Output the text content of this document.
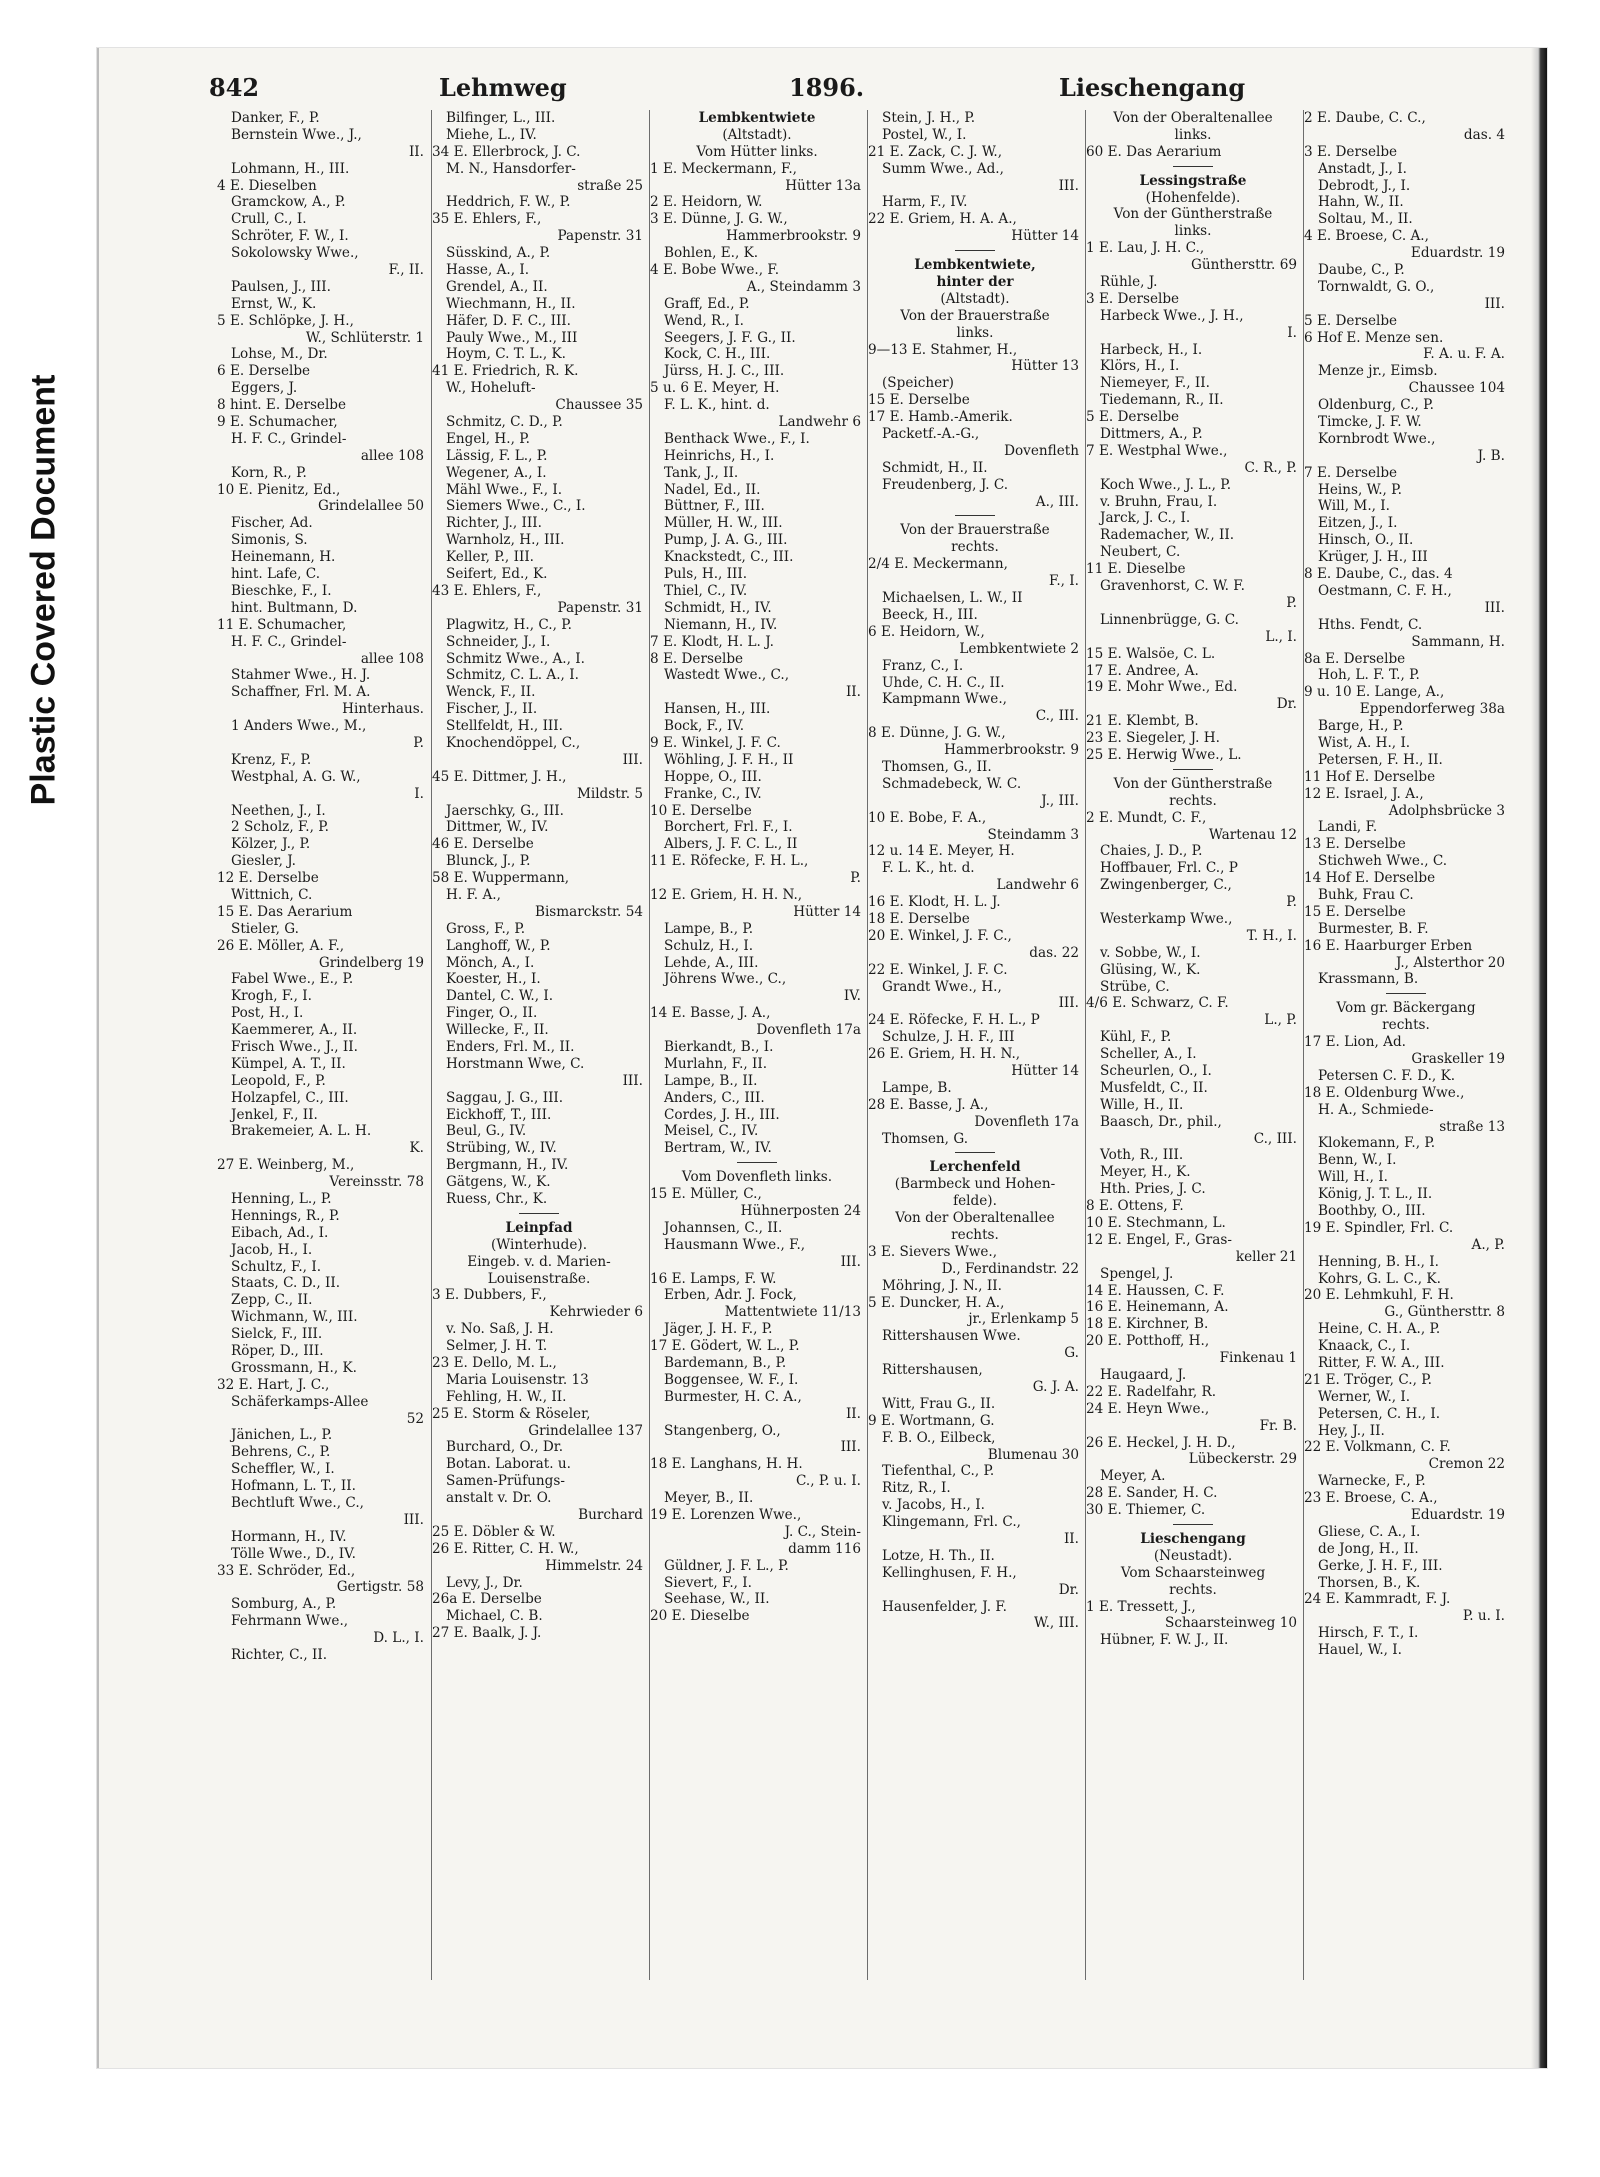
Plastic Covered Document
842	Lehmweg	1896.	Lieschengang
Danker, F., P.
Bernstein Wwe., J.,
II.
Lohmann, H., III.
4 E. Dieselben
Gramckow, A., P.
Crull, C., I.
Schröter, F. W., I.
Sokolowsky Wwe.,
F., II.
Paulsen, J., III.
Ernst, W., K.
5 E. Schlöpke, J. H.,
W., Schlüterstr. 1
Lohse, M., Dr.
6 E. Derselbe
Eggers, J.
8 hint. E. Derselbe
9 E. Schumacher,
H. F. C., Grindel-
allee 108
Korn, R., P.
10 E. Pienitz, Ed.,
Grindelallee 50
Fischer, Ad.
Simonis, S.
Heinemann, H.
hint. Lafe, C.
Bieschke, F., I.
hint. Bultmann, D.
11 E. Schumacher,
H. F. C., Grindel-
allee 108
Stahmer Wwe., H. J.
Schaffner, Frl. M. A.
Hinterhaus.
1 Anders Wwe., M.,
P.
Krenz, F., P.
Westphal, A. G. W.,
I.
Neethen, J., I.
2 Scholz, F., P.
Kölzer, J., P.
Giesler, J.
12 E. Derselbe
Wittnich, C.
15 E. Das Aerarium
Stieler, G.
26 E. Möller, A. F.,
Grindelberg 19
Fabel Wwe., E., P.
Krogh, F., I.
Post, H., I.
Kaemmerer, A., II.
Frisch Wwe., J., II.
Kümpel, A. T., II.
Leopold, F., P.
Holzapfel, C., III.
Jenkel, F., II.
Brakemeier, A. L. H.
K.
27 E. Weinberg, M.,
Vereinsstr. 78
Henning, L., P.
Hennings, R., P.
Eibach, Ad., I.
Jacob, H., I.
Schultz, F., I.
Staats, C. D., II.
Zepp, C., II.
Wichmann, W., III.
Sielck, F., III.
Röper, D., III.
Grossmann, H., K.
32 E. Hart, J. C.,
Schäferkamps-Allee
52
Jänichen, L., P.
Behrens, C., P.
Scheffler, W., I.
Hofmann, L. T., II.
Bechtluft Wwe., C.,
III.
Hormann, H., IV.
Tölle Wwe., D., IV.
33 E. Schröder, Ed.,
Gertigstr. 58
Somburg, A., P.
Fehrmann Wwe.,
D. L., I.
Richter, C., II.
Bilfinger, L., III.
Miehe, L., IV.
34 E. Ellerbrock, J. C.
M. N., Hansdorfer-
straße 25
Heddrich, F. W., P.
35 E. Ehlers, F.,
Papenstr. 31
Süsskind, A., P.
Hasse, A., I.
Grendel, A., II.
Wiechmann, H., II.
Häfer, D. F. C., III.
Pauly Wwe., M., III
Hoym, C. T. L., K.
41 E. Friedrich, R. K.
W., Hoheluft-
Chaussee 35
Schmitz, C. D., P.
Engel, H., P.
Lässig, F. L., P.
Wegener, A., I.
Mähl Wwe., F., I.
Siemers Wwe., C., I.
Richter, J., III.
Warnholz, H., III.
Keller, P., III.
Seifert, Ed., K.
43 E. Ehlers, F.,
Papenstr. 31
Plagwitz, H., C., P.
Schneider, J., I.
Schmitz Wwe., A., I.
Schmitz, C. L. A., I.
Wenck, F., II.
Fischer, J., II.
Stellfeldt, H., III.
Knochendöppel, C.,
III.
45 E. Dittmer, J. H.,
Mildstr. 5
Jaerschky, G., III.
Dittmer, W., IV.
46 E. Derselbe
Blunck, J., P.
58 E. Wuppermann,
H. F. A.,
Bismarckstr. 54
Gross, F., P.
Langhoff, W., P.
Mönch, A., I.
Koester, H., I.
Dantel, C. W., I.
Finger, O., II.
Willecke, F., II.
Enders, Frl. M., II.
Horstmann Wwe, C.
III.
Saggau, J. G., III.
Eickhoff, T., III.
Beul, G., IV.
Strübing, W., IV.
Bergmann, H., IV.
Gätgens, W., K.
Ruess, Chr., K.
Leinpfad
(Winterhude).
Eingeb. v. d. Marien-
Louisenstraße.
3 E. Dubbers, F.,
Kehrwieder 6
v. No. Saß, J. H.
Selmer, J. H. T.
23 E. Dello, M. L.,
Maria Louisenstr. 13
Fehling, H. W., II.
25 E. Storm & Röseler,
Grindelallee 137
Burchard, O., Dr.
Botan. Laborat. u.
Samen-Prüfungs-
anstalt v. Dr. O.
Burchard
25 E. Döbler & W.
26 E. Ritter, C. H. W.,
Himmelstr. 24
Levy, J., Dr.
26a E. Derselbe
Michael, C. B.
27 E. Baalk, J. J.
Lembkentwiete
(Altstadt).
Vom Hütter links.
1 E. Meckermann, F.,
Hütter 13a
2 E. Heidorn, W.
3 E. Dünne, J. G. W.,
Hammerbrookstr. 9
Bohlen, E., K.
4 E. Bobe Wwe., F.
A., Steindamm 3
Graff, Ed., P.
Wend, R., I.
Seegers, J. F. G., II.
Kock, C. H., III.
Jürss, H. J. C., III.
5 u. 6 E. Meyer, H.
F. L. K., hint. d.
Landwehr 6
Benthack Wwe., F., I.
Heinrichs, H., I.
Tank, J., II.
Nadel, Ed., II.
Büttner, F., III.
Müller, H. W., III.
Pump, J. A. G., III.
Knackstedt, C., III.
Puls, H., III.
Thiel, C., IV.
Schmidt, H., IV.
Niemann, H., IV.
7 E. Klodt, H. L. J.
8 E. Derselbe
Wastedt Wwe., C.,
II.
Hansen, H., III.
Bock, F., IV.
9 E. Winkel, J. F. C.
Wöhling, J. F. H., II
Hoppe, O., III.
Franke, C., IV.
10 E. Derselbe
Borchert, Frl. F., I.
Albers, J. F. C. L., II
11 E. Röfecke, F. H. L.,
P.
12 E. Griem, H. H. N.,
Hütter 14
Lampe, B., P.
Schulz, H., I.
Lehde, A., III.
Jöhrens Wwe., C.,
IV.
14 E. Basse, J. A.,
Dovenfleth 17a
Bierkandt, B., I.
Murlahn, F., II.
Lampe, B., II.
Anders, C., III.
Cordes, J. H., III.
Meisel, C., IV.
Bertram, W., IV.
Vom Dovenfleth links.
15 E. Müller, C.,
Hühnerposten 24
Johannsen, C., II.
Hausmann Wwe., F.,
III.
16 E. Lamps, F. W.
Erben, Adr. J. Fock,
Mattentwiete 11/13
Jäger, J. H. F., P.
17 E. Gödert, W. L., P.
Bardemann, B., P.
Boggensee, W. F., I.
Burmester, H. C. A.,
II.
Stangenberg, O.,
III.
18 E. Langhans, H. H.
C., P. u. I.
Meyer, B., II.
19 E. Lorenzen Wwe.,
J. C., Stein-
damm 116
Güldner, J. F. L., P.
Sievert, F., I.
Seehase, W., II.
20 E. Dieselbe
Stein, J. H., P.
Postel, W., I.
21 E. Zack, C. J. W.,
Summ Wwe., Ad.,
III.
Harm, F., IV.
22 E. Griem, H. A. A.,
Hütter 14
Lembkentwiete,
hinter der
(Altstadt).
Von der Brauerstraße
links.
9—13 E. Stahmer, H.,
Hütter 13
(Speicher)
15 E. Derselbe
17 E. Hamb.-Amerik.
Packetf.-A.-G.,
Dovenfleth
Schmidt, H., II.
Freudenberg, J. C.
A., III.
Von der Brauerstraße
rechts.
2/4 E. Meckermann,
F., I.
Michaelsen, L. W., II
Beeck, H., III.
6 E. Heidorn, W.,
Lembkentwiete 2
Franz, C., I.
Uhde, C. H. C., II.
Kampmann Wwe.,
C., III.
8 E. Dünne, J. G. W.,
Hammerbrookstr. 9
Thomsen, G., II.
Schmadebeck, W. C.
J., III.
10 E. Bobe, F. A.,
Steindamm 3
12 u. 14 E. Meyer, H.
F. L. K., ht. d.
Landwehr 6
16 E. Klodt, H. L. J.
18 E. Derselbe
20 E. Winkel, J. F. C.,
das. 22
22 E. Winkel, J. F. C.
Grandt Wwe., H.,
III.
24 E. Röfecke, F. H. L., P
Schulze, J. H. F., III
26 E. Griem, H. H. N.,
Hütter 14
Lampe, B.
28 E. Basse, J. A.,
Dovenfleth 17a
Thomsen, G.
Lerchenfeld
(Barmbeck und Hohen-
felde).
Von der Oberaltenallee
rechts.
3 E. Sievers Wwe.,
D., Ferdinandstr. 22
Möhring, J. N., II.
5 E. Duncker, H. A.,
jr., Erlenkamp 5
Rittershausen Wwe.
G.
Rittershausen,
G. J. A.
Witt, Frau G., II.
9 E. Wortmann, G.
F. B. O., Eilbeck,
Blumenau 30
Tiefenthal, C., P.
Ritz, R., I.
v. Jacobs, H., I.
Klingemann, Frl. C.,
II.
Lotze, H. Th., II.
Kellinghusen, F. H.,
Dr.
Hausenfelder, J. F.
W., III.
Von der Oberaltenallee
links.
60 E. Das Aerarium
Lessingstraße
(Hohenfelde).
Von der Güntherstraße
links.
1 E. Lau, J. H. C.,
Günthersttr. 69
Rühle, J.
3 E. Derselbe
Harbeck Wwe., J. H.,
I.
Harbeck, H., I.
Klörs, H., I.
Niemeyer, F., II.
Tiedemann, R., II.
5 E. Derselbe
Dittmers, A., P.
7 E. Westphal Wwe.,
C. R., P.
Koch Wwe., J. L., P.
v. Bruhn, Frau, I.
Jarck, J. C., I.
Rademacher, W., II.
Neubert, C.
11 E. Dieselbe
Gravenhorst, C. W. F.
P.
Linnenbrügge, G. C.
L., I.
15 E. Walsöe, C. L.
17 E. Andree, A.
19 E. Mohr Wwe., Ed.
Dr.
21 E. Klembt, B.
23 E. Siegeler, J. H.
25 E. Herwig Wwe., L.
Von der Güntherstraße
rechts.
2 E. Mundt, C. F.,
Wartenau 12
Chaies, J. D., P.
Hoffbauer, Frl. C., P
Zwingenberger, C.,
P.
Westerkamp Wwe.,
T. H., I.
v. Sobbe, W., I.
Glüsing, W., K.
Strübe, C.
4/6 E. Schwarz, C. F.
L., P.
Kühl, F., P.
Scheller, A., I.
Scheurlen, O., I.
Musfeldt, C., II.
Wille, H., II.
Baasch, Dr., phil.,
C., III.
Voth, R., III.
Meyer, H., K.
Hth. Pries, J. C.
8 E. Ottens, F.
10 E. Stechmann, L.
12 E. Engel, F., Gras-
keller 21
Spengel, J.
14 E. Haussen, C. F.
16 E. Heinemann, A.
18 E. Kirchner, B.
20 E. Potthoff, H.,
Finkenau 1
Haugaard, J.
22 E. Radelfahr, R.
24 E. Heyn Wwe.,
Fr. B.
26 E. Heckel, J. H. D.,
Lübeckerstr. 29
Meyer, A.
28 E. Sander, H. C.
30 E. Thiemer, C.
Lieschengang
(Neustadt).
Vom Schaarsteinweg
rechts.
1 E. Tressett, J.,
Schaarsteinweg 10
Hübner, F. W. J., II.
2 E. Daube, C. C.,
das. 4
3 E. Derselbe
Anstadt, J., I.
Debrodt, J., I.
Hahn, W., II.
Soltau, M., II.
4 E. Broese, C. A.,
Eduardstr. 19
Daube, C., P.
Tornwaldt, G. O.,
III.
5 E. Derselbe
6 Hof E. Menze sen.
F. A. u. F. A.
Menze jr., Eimsb.
Chaussee 104
Oldenburg, C., P.
Timcke, J. F. W.
Kornbrodt Wwe.,
J. B.
7 E. Derselbe
Heins, W., P.
Will, M., I.
Eitzen, J., I.
Hinsch, O., II.
Krüger, J. H., III
8 E. Daube, C., das. 4
Oestmann, C. F. H.,
III.
Hths. Fendt, C.
Sammann, H.
8a E. Derselbe
Hoh, L. F. T., P.
9 u. 10 E. Lange, A.,
Eppendorferweg 38a
Barge, H., P.
Wist, A. H., I.
Petersen, F. H., II.
11 Hof E. Derselbe
12 E. Israel, J. A.,
Adolphsbrücke 3
Landi, F.
13 E. Derselbe
Stichweh Wwe., C.
14 Hof E. Derselbe
Buhk, Frau C.
15 E. Derselbe
Burmester, B. F.
16 E. Haarburger Erben
J., Alsterthor 20
Krassmann, B.
Vom gr. Bäckergang
rechts.
17 E. Lion, Ad.
Graskeller 19
Petersen C. F. D., K.
18 E. Oldenburg Wwe.,
H. A., Schmiede-
straße 13
Klokemann, F., P.
Benn, W., I.
Will, H., I.
König, J. T. L., II.
Boothby, O., III.
19 E. Spindler, Frl. C.
A., P.
Henning, B. H., I.
Kohrs, G. L. C., K.
20 E. Lehmkuhl, F. H.
G., Günthersttr. 8
Heine, C. H. A., P.
Knaack, C., I.
Ritter, F. W. A., III.
21 E. Tröger, C., P.
Werner, W., I.
Petersen, C. H., I.
Hey, J., II.
22 E. Volkmann, C. F.
Cremon 22
Warnecke, F., P.
23 E. Broese, C. A.,
Eduardstr. 19
Gliese, C. A., I.
de Jong, H., II.
Gerke, J. H. F., III.
Thorsen, B., K.
24 E. Kammradt, F. J.
P. u. I.
Hirsch, F. T., I.
Hauel, W., I.
